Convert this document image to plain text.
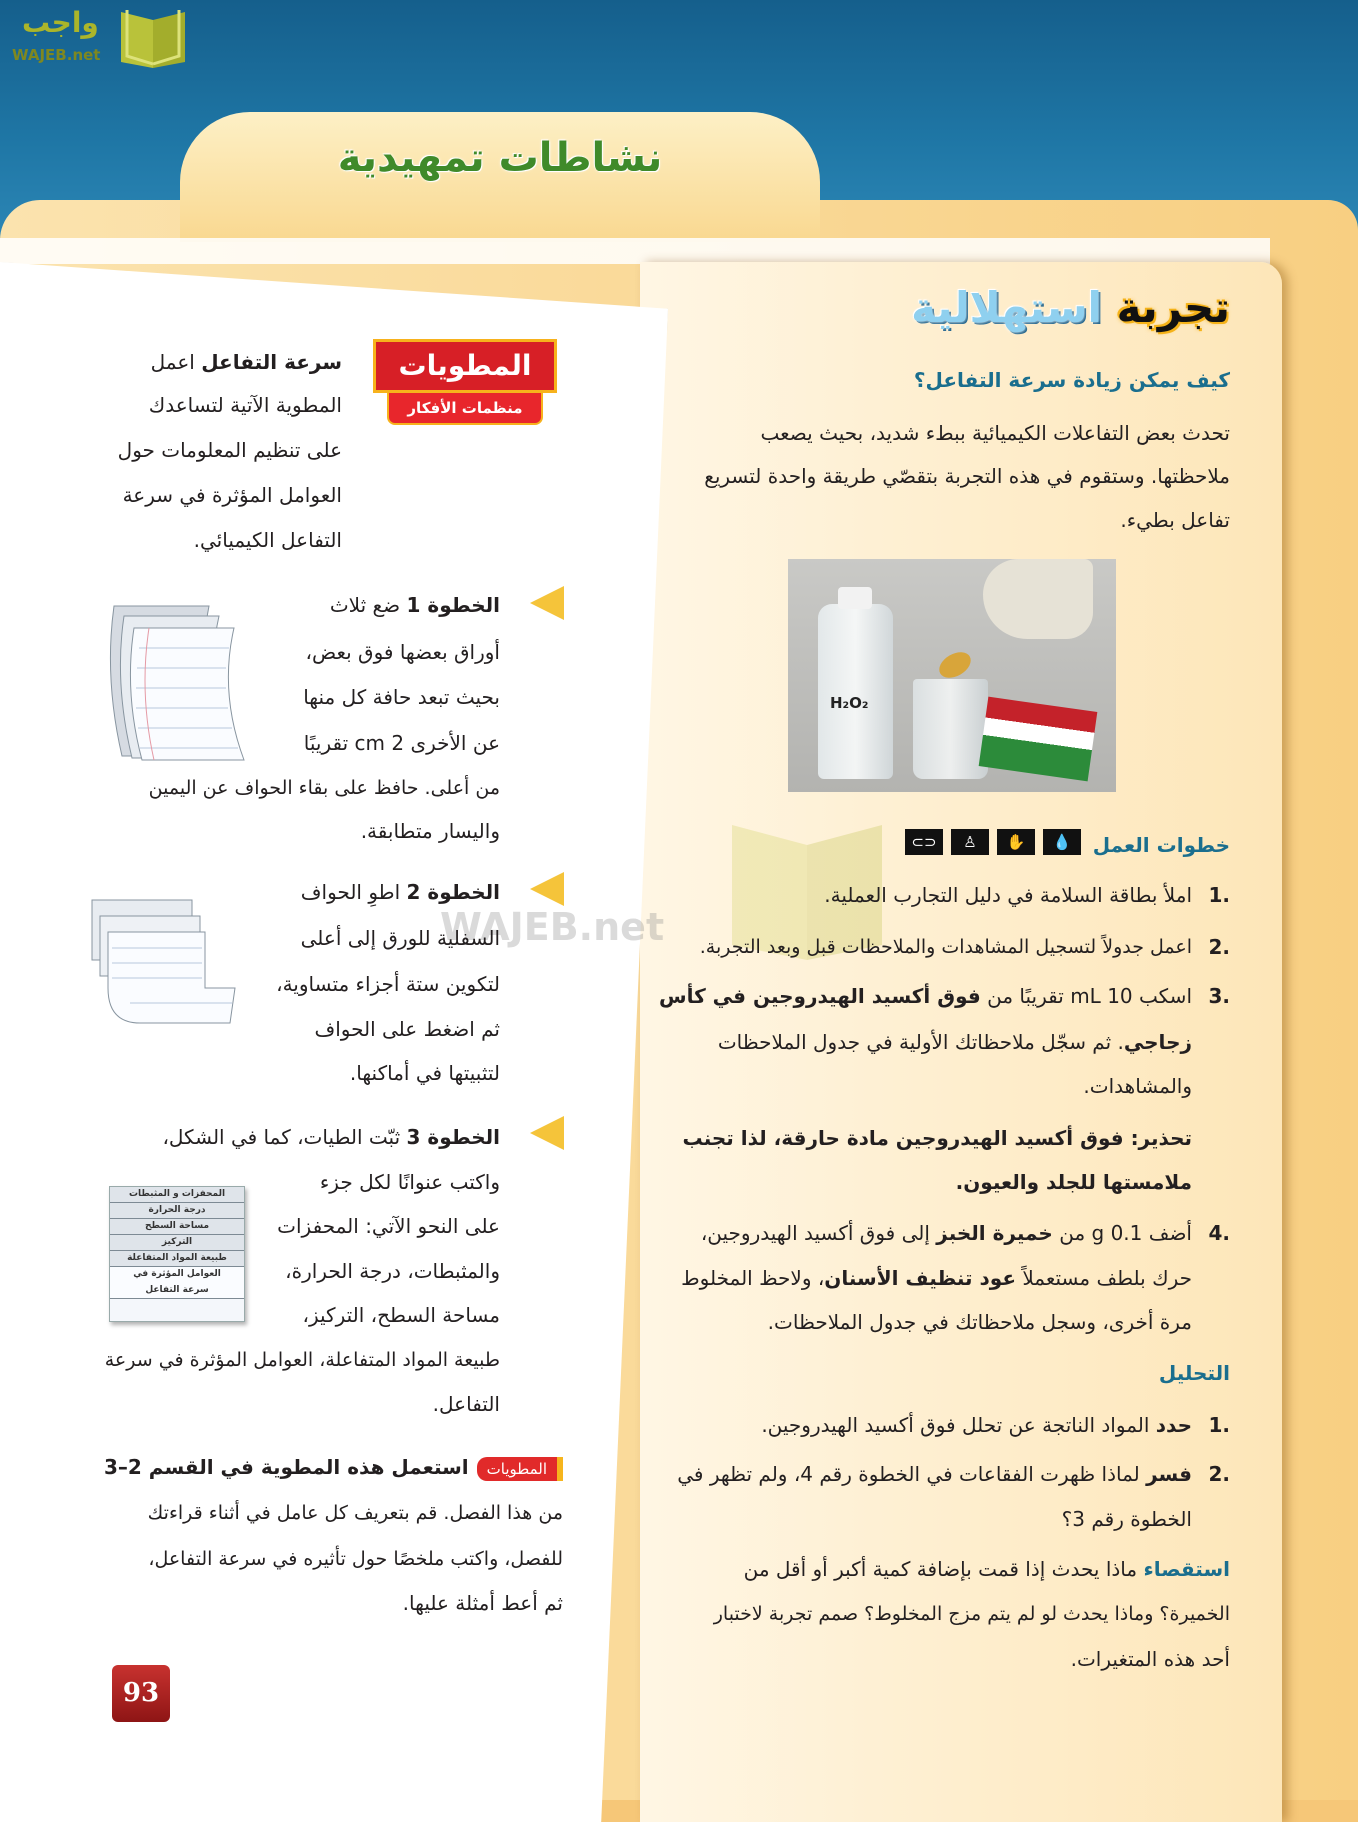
واجب
WAJEB.net
نشاطات تمهيدية
WAJEB.net
تجربة استهلالية
كيف يمكن زيادة سرعة التفاعل؟
تحدث بعض التفاعلات الكيميائية ببطء شديد، بحيث يصعب
ملاحظتها. وستقوم في هذه التجربة بتقصّي طريقة واحدة لتسريع
تفاعل بطيء.
H₂O₂
خطوات العمل
⊂⊃	♙	✋	💧
1.
املأ بطاقة السلامة في دليل التجارب العملية.
2.
اعمل جدولاً لتسجيل المشاهدات والملاحظات قبل وبعد التجربة.
3.
اسكب 10 mL تقريبًا من فوق أكسيد الهيدروجين في كأس
زجاجي. ثم سجّل ملاحظاتك الأولية في جدول الملاحظات
والمشاهدات.
تحذير: فوق أكسيد الهيدروجين مادة حارقة، لذا تجنب
ملامستها للجلد والعيون.
4.
أضف 0.1 g من خميرة الخبز إلى فوق أكسيد الهيدروجين،
حرك بلطف مستعملاً عود تنظيف الأسنان، ولاحظ المخلوط
مرة أخرى، وسجل ملاحظاتك في جدول الملاحظات.
التحليل
1.
حدد المواد الناتجة عن تحلل فوق أكسيد الهيدروجين.
2.
فسر لماذا ظهرت الفقاعات في الخطوة رقم 4، ولم تظهر في
الخطوة رقم 3؟
استقصاء ماذا يحدث إذا قمت بإضافة كمية أكبر أو أقل من
الخميرة؟ وماذا يحدث لو لم يتم مزج المخلوط؟ صمم تجربة لاختبار
أحد هذه المتغيرات.
المطويات
منظمات الأفكار
سرعة التفاعل اعمل
المطوية الآتية لتساعدك
على تنظيم المعلومات حول
العوامل المؤثرة في سرعة
التفاعل الكيميائي.
الخطوة 1 ضع ثلاث
أوراق بعضها فوق بعض،
بحيث تبعد حافة كل منها
عن الأخرى 2 cm تقريبًا
من أعلى. حافظ على بقاء الحواف عن اليمين
واليسار متطابقة.
الخطوة 2 اطوِ الحواف
السفلية للورق إلى أعلى
لتكوين ستة أجزاء متساوية،
ثم اضغط على الحواف
لتثبيتها في أماكنها.
الخطوة 3 ثبّت الطيات، كما في الشكل،
المحفزات و المثبطات
درجة الحرارة
مساحة السطح
التركيز
طبيعة المواد المتفاعلة
العوامل المؤثرة في
سرعة التفاعل
واكتب عنوانًا لكل جزء
على النحو الآتي: المحفزات
والمثبطات، درجة الحرارة،
مساحة السطح، التركيز،
طبيعة المواد المتفاعلة، العوامل المؤثرة في سرعة
التفاعل.
المطوياتاستعمل هذه المطوية في القسم 2–3
من هذا الفصل. قم بتعريف كل عامل في أثناء قراءتك
للفصل، واكتب ملخصًا حول تأثيره في سرعة التفاعل،
ثم أعط أمثلة عليها.
93
